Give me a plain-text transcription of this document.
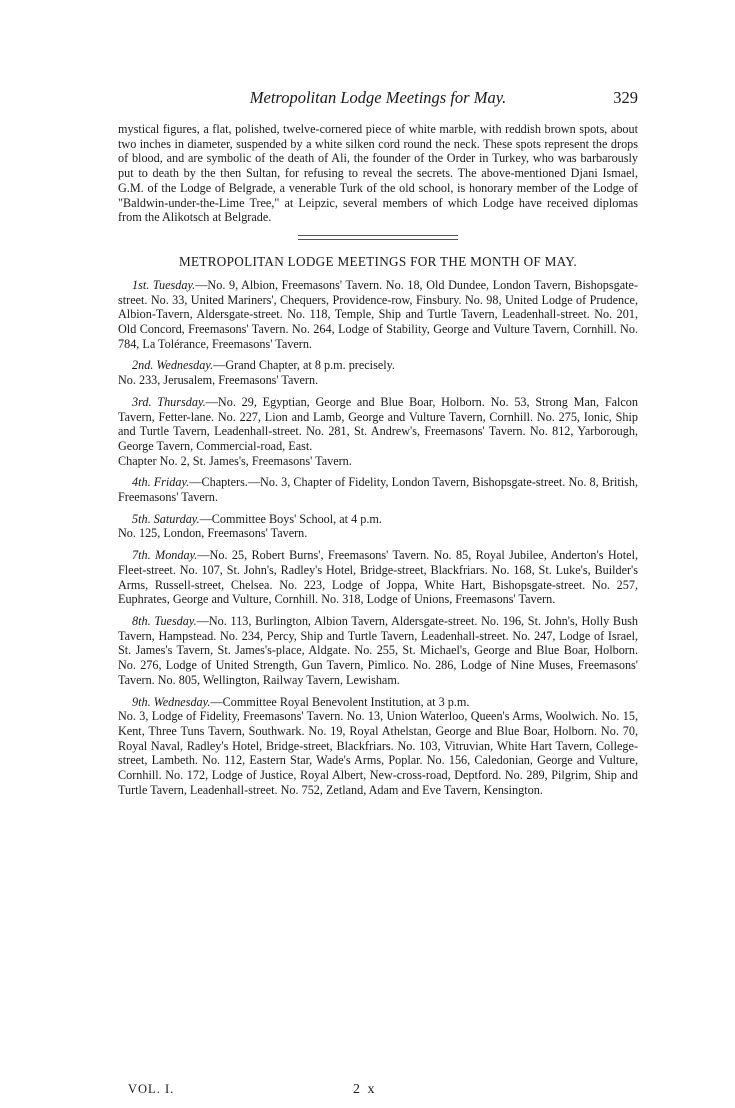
Metropolitan Lodge Meetings for May.	329

mystical figures, a flat, polished, twelve-cornered piece of white marble, with reddish brown spots, about two inches in diameter, suspended by a white silken cord round the neck. These spots represent the drops of blood, and are symbolic of the death of Ali, the founder of the Order in Turkey, who was barbarously put to death by the then Sultan, for refusing to reveal the secrets. The above-mentioned Djani Ismael, G.M. of the Lodge of Belgrade, a venerable Turk of the old school, is honorary member of the Lodge of "Baldwin-under-the-Lime Tree," at Leipzic, several members of which Lodge have received diplomas from the Alikotsch at Belgrade.

METROPOLITAN LODGE MEETINGS FOR THE MONTH OF MAY.

1st. Tuesday.—No. 9, Albion, Freemasons' Tavern. No. 18, Old Dundee, London Tavern, Bishopsgate-street. No. 33, United Mariners', Chequers, Providence-row, Finsbury. No. 98, United Lodge of Prudence, Albion-Tavern, Aldersgate-street. No. 118, Temple, Ship and Turtle Tavern, Leadenhall-street. No. 201, Old Concord, Freemasons' Tavern. No. 264, Lodge of Stability, George and Vulture Tavern, Cornhill. No. 784, La Tolérance, Freemasons' Tavern.

2nd. Wednesday.—Grand Chapter, at 8 p.m. precisely.

No. 233, Jerusalem, Freemasons' Tavern.

3rd. Thursday.—No. 29, Egyptian, George and Blue Boar, Holborn. No. 53, Strong Man, Falcon Tavern, Fetter-lane. No. 227, Lion and Lamb, George and Vulture Tavern, Cornhill. No. 275, Ionic, Ship and Turtle Tavern, Leadenhall-street. No. 281, St. Andrew's, Freemasons' Tavern. No. 812, Yarborough, George Tavern, Commercial-road, East.

Chapter No. 2, St. James's, Freemasons' Tavern.

4th. Friday.—Chapters.—No. 3, Chapter of Fidelity, London Tavern, Bishopsgate-street. No. 8, British, Freemasons' Tavern.

5th. Saturday.—Committee Boys' School, at 4 p.m.

No. 125, London, Freemasons' Tavern.

7th. Monday.—No. 25, Robert Burns', Freemasons' Tavern. No. 85, Royal Jubilee, Anderton's Hotel, Fleet-street. No. 107, St. John's, Radley's Hotel, Bridge-street, Blackfriars. No. 168, St. Luke's, Builder's Arms, Russell-street, Chelsea. No. 223, Lodge of Joppa, White Hart, Bishopsgate-street. No. 257, Euphrates, George and Vulture, Cornhill. No. 318, Lodge of Unions, Freemasons' Tavern.

8th. Tuesday.—No. 113, Burlington, Albion Tavern, Aldersgate-street. No. 196, St. John's, Holly Bush Tavern, Hampstead. No. 234, Percy, Ship and Turtle Tavern, Leadenhall-street. No. 247, Lodge of Israel, St. James's Tavern, St. James's-place, Aldgate. No. 255, St. Michael's, George and Blue Boar, Holborn. No. 276, Lodge of United Strength, Gun Tavern, Pimlico. No. 286, Lodge of Nine Muses, Freemasons' Tavern. No. 805, Wellington, Railway Tavern, Lewisham.

9th. Wednesday.—Committee Royal Benevolent Institution, at 3 p.m.

No. 3, Lodge of Fidelity, Freemasons' Tavern. No. 13, Union Waterloo, Queen's Arms, Woolwich. No. 15, Kent, Three Tuns Tavern, Southwark. No. 19, Royal Athelstan, George and Blue Boar, Holborn. No. 70, Royal Naval, Radley's Hotel, Bridge-street, Blackfriars. No. 103, Vitruvian, White Hart Tavern, College-street, Lambeth. No. 112, Eastern Star, Wade's Arms, Poplar. No. 156, Caledonian, George and Vulture, Cornhill. No. 172, Lodge of Justice, Royal Albert, New-cross-road, Deptford. No. 289, Pilgrim, Ship and Turtle Tavern, Leadenhall-street. No. 752, Zetland, Adam and Eve Tavern, Kensington.

VOL. I.	2 x
